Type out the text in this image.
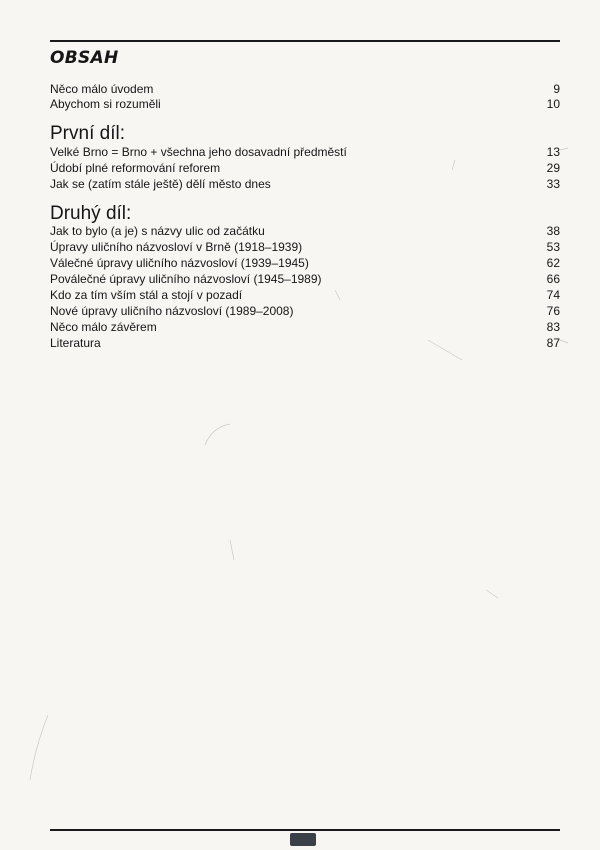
OBSAH
Něco málo úvodem	9
Abychom si rozuměli	10
První díl:
Velké Brno = Brno + všechna jeho dosavadní předměstí	13
Údobí plné reformování reforem	29
Jak se (zatím stále ještě) dělí město dnes	33
Druhý díl:
Jak to bylo (a je) s názvy ulic od začátku	38
Úpravy uličního názvosloví v Brně (1918–1939)	53
Válečné úpravy uličního názvosloví (1939–1945)	62
Poválečné úpravy uličního názvosloví (1945–1989)	66
Kdo za tím vším stál a stojí v pozadí	74
Nové úpravy uličního názvosloví (1989–2008)	76
Něco málo závěrem	83
Literatura	87
